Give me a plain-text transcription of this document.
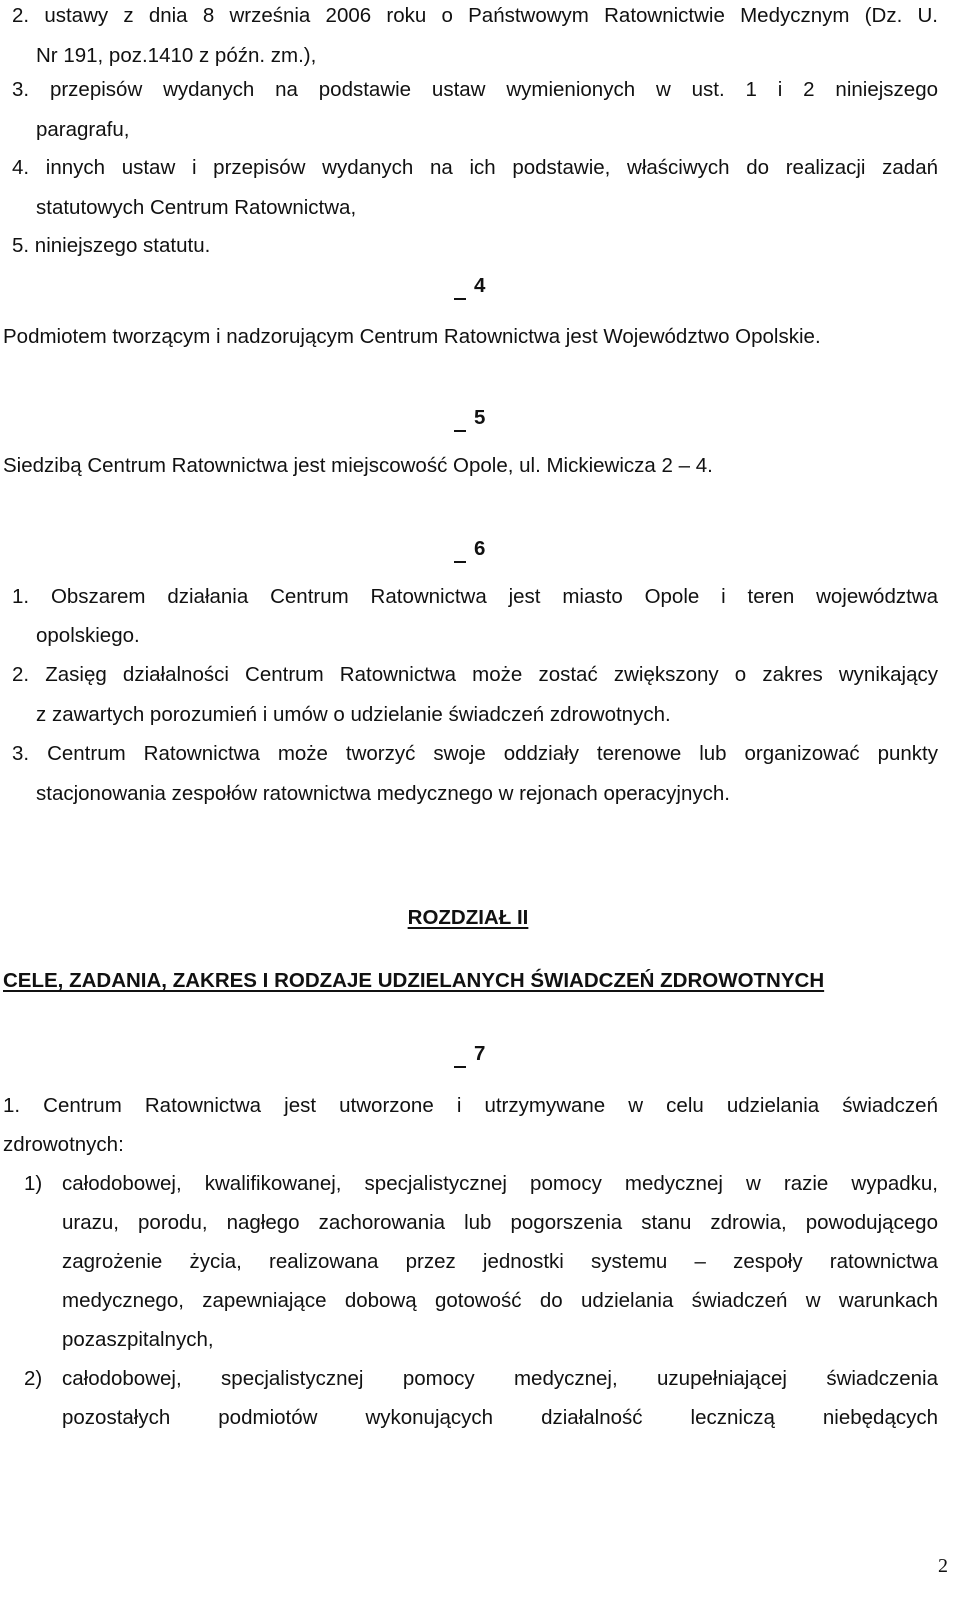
2. ustawy z dnia 8 września 2006 roku o Państwowym Ratownictwie Medycznym (Dz. U.
Nr 191, poz.1410 z późn. zm.),
3. przepisów wydanych na podstawie ustaw wymienionych w ust. 1 i 2 niniejszego
paragrafu,
4. innych ustaw i przepisów wydanych na ich podstawie, właściwych do realizacji zadań
statutowych Centrum Ratownictwa,
5. niniejszego statutu.
4
Podmiotem tworzącym i nadzorującym Centrum Ratownictwa jest Województwo Opolskie.
5
Siedzibą Centrum Ratownictwa jest miejscowość Opole, ul. Mickiewicza 2 – 4.
6
1. Obszarem działania Centrum Ratownictwa jest miasto Opole i teren województwa
opolskiego.
2. Zasięg działalności Centrum Ratownictwa może zostać zwiększony o zakres wynikający
z zawartych porozumień i umów o udzielanie świadczeń zdrowotnych.
3. Centrum Ratownictwa może tworzyć swoje oddziały terenowe lub organizować punkty
stacjonowania zespołów ratownictwa medycznego w rejonach operacyjnych.
ROZDZIAŁ II
CELE, ZADANIA, ZAKRES I RODZAJE UDZIELANYCH ŚWIADCZEŃ ZDROWOTNYCH
7
1. Centrum Ratownictwa jest utworzone i utrzymywane w celu udzielania świadczeń
zdrowotnych:
1) całodobowej, kwalifikowanej, specjalistycznej pomocy medycznej w razie wypadku,
urazu, porodu, nagłego zachorowania lub pogorszenia stanu zdrowia, powodującego
zagrożenie życia, realizowana przez jednostki systemu – zespoły ratownictwa
medycznego, zapewniające dobową gotowość do udzielania świadczeń w warunkach
pozaszpitalnych,
2) całodobowej, specjalistycznej pomocy medycznej, uzupełniającej świadczenia
pozostałych podmiotów wykonujących działalność leczniczą niebędących
2
